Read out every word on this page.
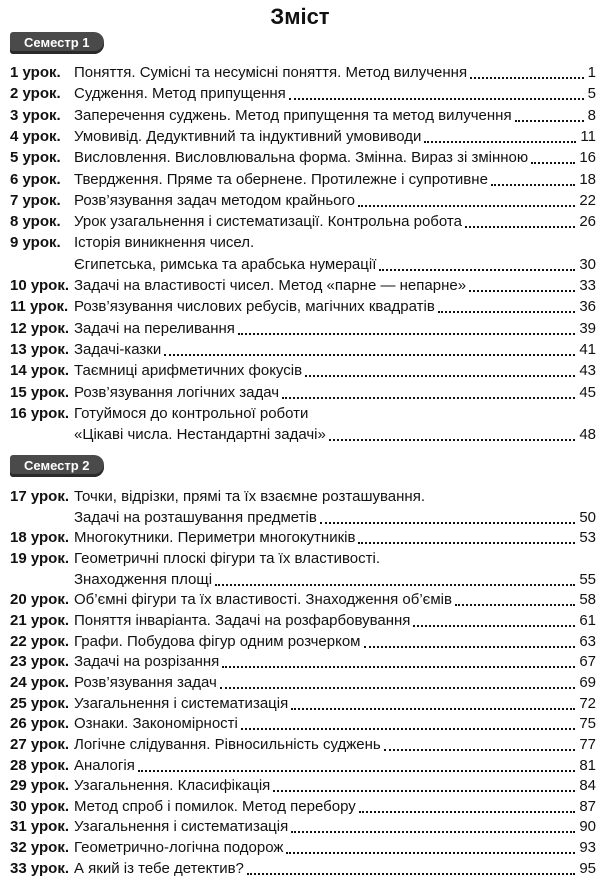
Зміст
Семестр 1
1 урок. Поняття. Сумісні та несумісні поняття. Метод вилучення	1
2 урок. Судження. Метод припущення	5
3 урок. Заперечення суджень. Метод припущення та метод вилучення	8
4 урок. Умовивід. Дедуктивний та індуктивний умовиводи	11
5 урок. Висловлення. Висловлювальна форма. Змінна. Вираз зі змінною	16
6 урок. Твердження. Пряме та обернене. Протилежне і супротивне	18
7 урок. Розв’язування задач методом крайнього	22
8 урок. Урок узагальнення і систематизації. Контрольна робота	26
9 урок. Історія виникнення чисел.
Єгипетська, римська та арабська нумерації	30
10 урок. Задачі на властивості чисел. Метод «парне — непарне»	33
11 урок. Розв’язування числових ребусів, магічних квадратів	36
12 урок. Задачі на переливання	39
13 урок. Задачі-казки	41
14 урок. Таємниці арифметичних фокусів	43
15 урок. Розв’язування логічних задач	45
16 урок. Готуймося до контрольної роботи
«Цікаві числа. Нестандартні задачі»	48
Семестр 2
17 урок. Точки, відрізки, прямі та їх взаємне розташування.
Задачі на розташування предметів	50
18 урок. Многокутники. Периметри многокутників	53
19 урок. Геометричні плоскі фігури та їх властивості.
Знаходження площі	55
20 урок. Об’ємні фігури та їх властивості. Знаходження об’ємів	58
21 урок. Поняття інваріанта. Задачі на розфарбовування	61
22 урок. Графи. Побудова фігур одним розчерком	63
23 урок. Задачі на розрізання	67
24 урок. Розв’язування задач	69
25 урок. Узагальнення і систематизація	72
26 урок. Ознаки. Закономірності	75
27 урок. Логічне слідування. Рівносильність суджень	77
28 урок. Аналогія	81
29 урок. Узагальнення. Класифікація	84
30 урок. Метод спроб і помилок. Метод перебору	87
31 урок. Узагальнення і систематизація	90
32 урок. Геометрично-логічна подорож	93
33 урок. А який із тебе детектив?	95
